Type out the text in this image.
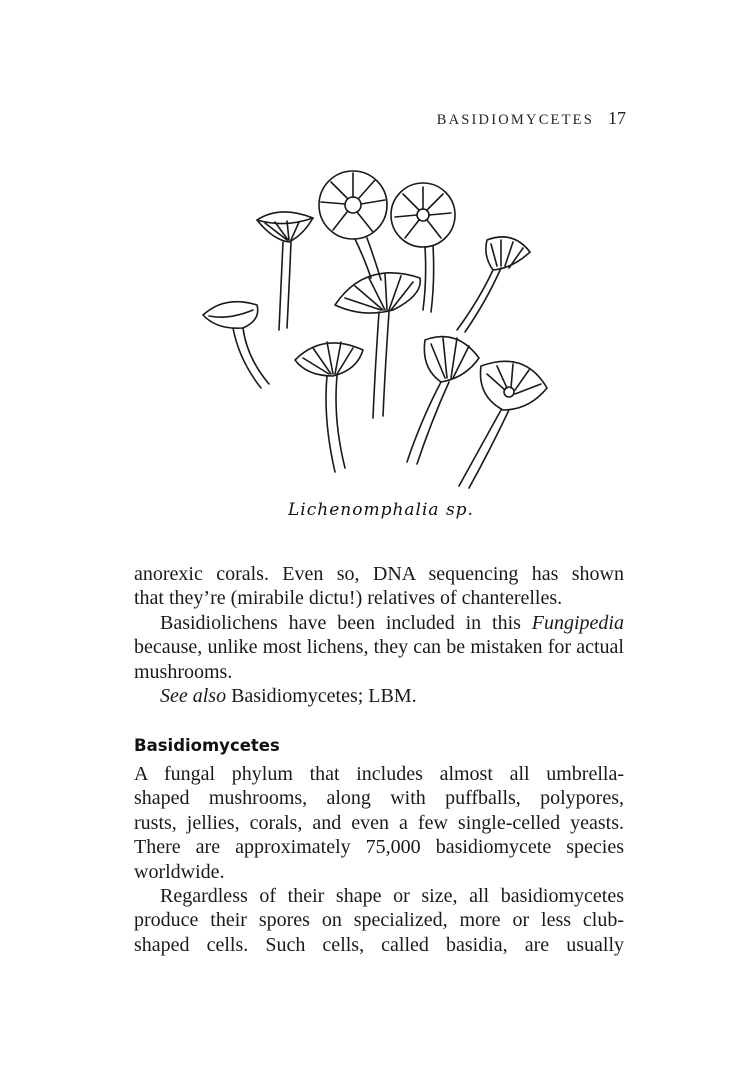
BASIDIOMYCETES 17
Lichenomphalia sp.

anorexic corals. Even so, DNA sequencing has shown
that they’re (mirabile dictu!) relatives of chanterelles.

Basidiolichens have been included in this Fungipedia because, unlike most lichens, they can be mistaken for actual mushrooms.

See also Basidiomycetes; LBM.

Basidiomycetes

A fungal phylum that includes almost all umbrella-
shaped mushrooms, along with puffballs, polypores,
rusts, jellies, corals, and even a few single-celled yeasts.
There are approximately 75,000 basidiomycete species
worldwide.

Regardless of their shape or size, all basidiomycetes
produce their spores on specialized, more or less club-
shaped cells. Such cells, called basidia, are usually
